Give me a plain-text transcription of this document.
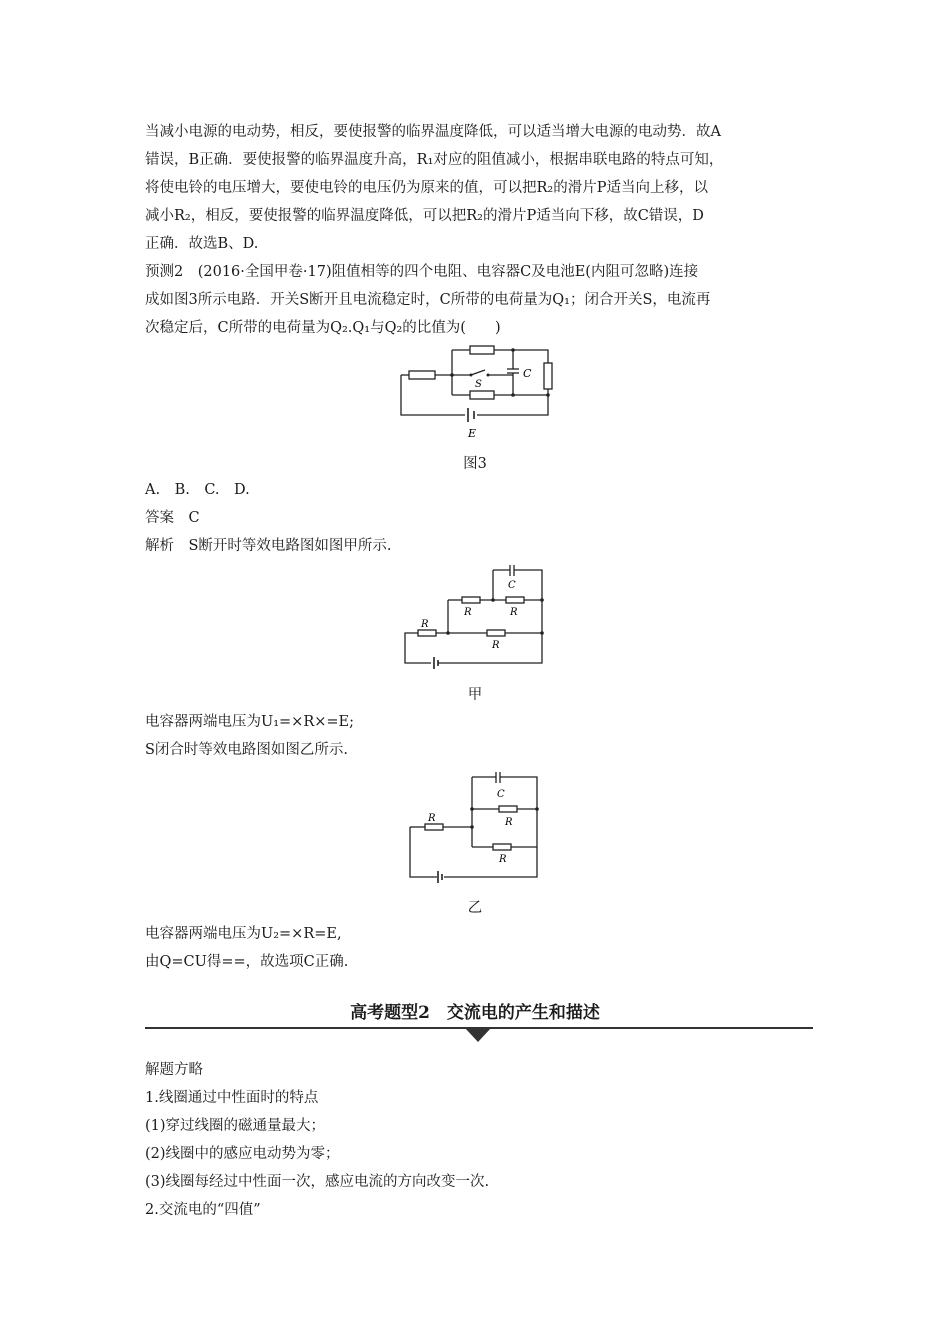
当减小电源的电动势，相反，要使报警的临界温度降低，可以适当增大电源的电动势．故A
错误，B正确．要使报警的临界温度升高，R₁对应的阻值减小，根据串联电路的特点可知，
将使电铃的电压增大，要使电铃的电压仍为原来的值，可以把R₂的滑片P适当向上移，以
减小R₂，相反，要使报警的临界温度降低，可以把R₂的滑片P适当向下移，故C错误，D
正确．故选B、D.
预测2　(2016·全国甲卷·17)阻值相等的四个电阻、电容器C及电池E(内阻可忽略)连接
成如图3所示电路．开关S断开且电流稳定时，C所带的电荷量为Q₁；闭合开关S，电流再
次稳定后，C所带的电荷量为Q₂.Q₁与Q₂的比值为(　　)
S
C
E
图3
A.　B.　C.　D.
答案　C
解析　S断开时等效电路图如图甲所示.
C
R	R
R
R
甲
电容器两端电压为U₁=×R×=E;
S闭合时等效电路图如图乙所示.
C
R	R
R
乙
电容器两端电压为U₂=×R=E,
由Q=CU得==，故选项C正确.
高考题型2　交流电的产生和描述
解题方略
1.线圈通过中性面时的特点
(1)穿过线圈的磁通量最大；
(2)线圈中的感应电动势为零；
(3)线圈每经过中性面一次，感应电流的方向改变一次.
2.交流电的“四值”
